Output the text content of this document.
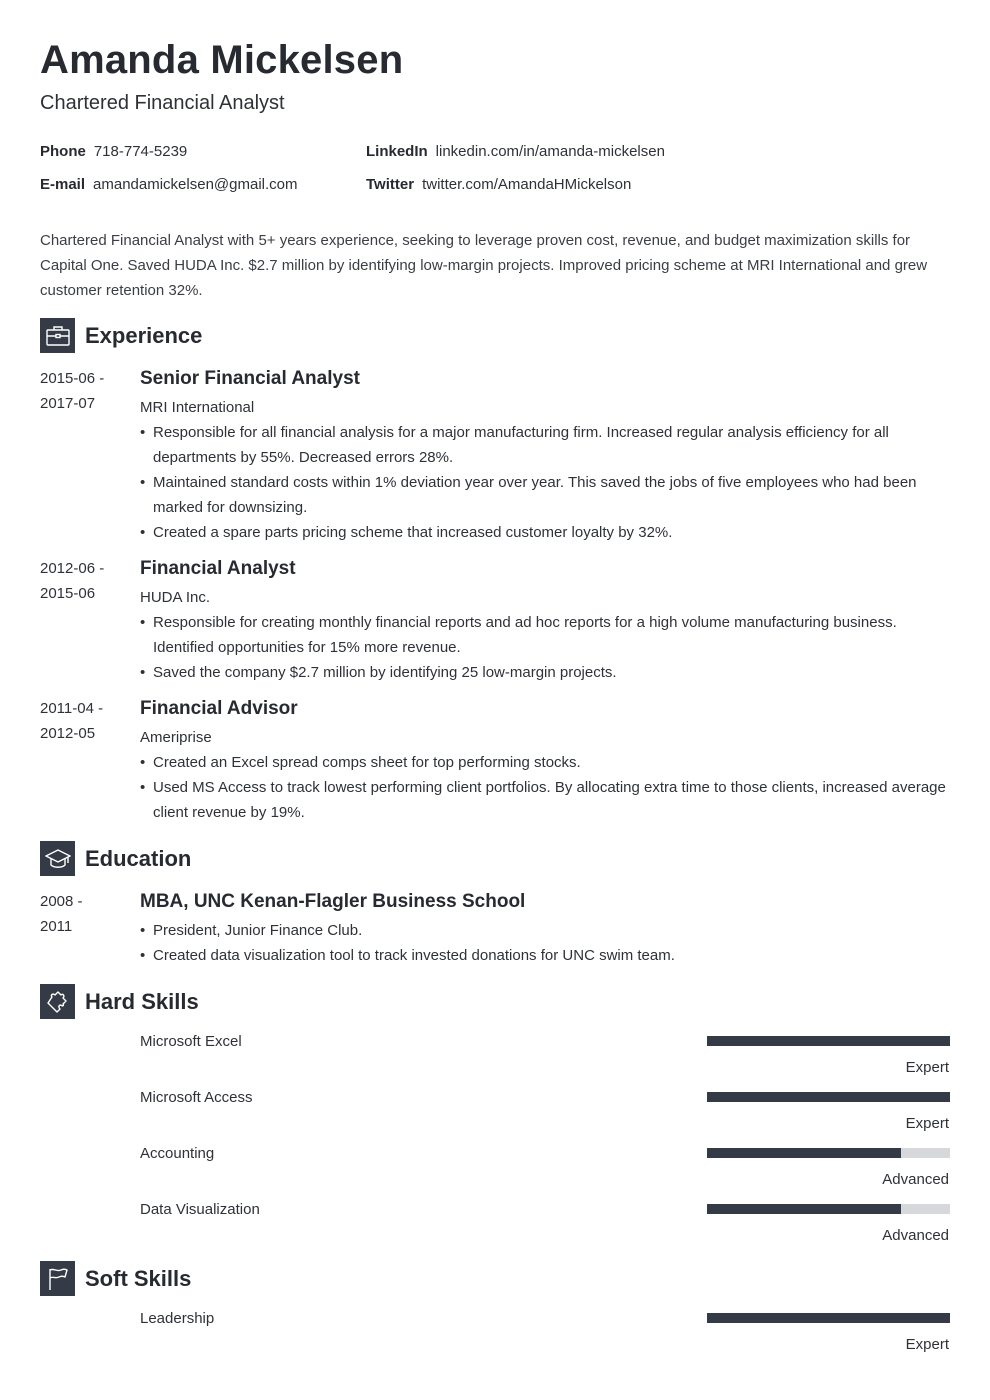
Amanda Mickelsen
Chartered Financial Analyst
Phone 718-774-5239
E-mail amandamickelsen@gmail.com
LinkedIn linkedin.com/in/amanda-mickelsen
Twitter twitter.com/AmandaHMickelson
Chartered Financial Analyst with 5+ years experience, seeking to leverage proven cost, revenue, and budget maximization skills for Capital One. Saved HUDA Inc. $2.7 million by identifying low-margin projects. Improved pricing scheme at MRI International and grew customer retention 32%.
Experience
2015-06 -
2017-07
Senior Financial Analyst
MRI International
• Responsible for all financial analysis for a major manufacturing firm. Increased regular analysis efficiency for all departments by 55%. Decreased errors 28%.
• Maintained standard costs within 1% deviation year over year. This saved the jobs of five employees who had been marked for downsizing.
• Created a spare parts pricing scheme that increased customer loyalty by 32%.
2012-06 -
2015-06
Financial Analyst
HUDA Inc.
• Responsible for creating monthly financial reports and ad hoc reports for a high volume manufacturing business. Identified opportunities for 15% more revenue.
• Saved the company $2.7 million by identifying 25 low-margin projects.
2011-04 -
2012-05
Financial Advisor
Ameriprise
• Created an Excel spread comps sheet for top performing stocks.
• Used MS Access to track lowest performing client portfolios. By allocating extra time to those clients, increased average client revenue by 19%.
Education
2008 -
2011
MBA, UNC Kenan-Flagler Business School
• President, Junior Finance Club.
• Created data visualization tool to track invested donations for UNC swim team.
Hard Skills
Microsoft Excel
Expert
Microsoft Access
Expert
Accounting
Advanced
Data Visualization
Advanced
Soft Skills
Leadership
Expert
